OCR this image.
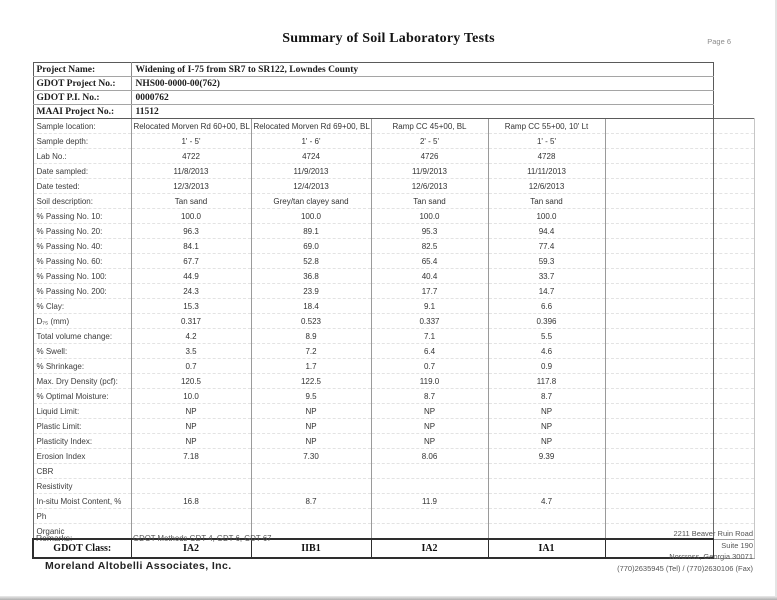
Summary of Soil Laboratory Tests	Page 6
Project Name:	Widening of I-75 from SR7 to SR122, Lowndes County					
GDOT Project No.:	NHS00-0000-00(762)					
GDOT P.I. No.:	0000762					
MAAI Project No.:	11512					
Sample location:	Relocated Morven Rd 60+00, BL	Relocated Morven Rd 69+00, BL	Ramp CC 45+00, BL	Ramp CC 55+00, 10' Lt		
Sample depth:	1' - 5'	1' - 6'	2' - 5'	1' - 5'		
Lab No.:	4722	4724	4726	4728		
Date sampled:	11/8/2013	11/9/2013	11/9/2013	11/11/2013		
Date tested:	12/3/2013	12/4/2013	12/6/2013	12/6/2013		
Soil description:	Tan sand	Grey/tan clayey sand	Tan sand	Tan sand		
% Passing No. 10:	100.0	100.0	100.0	100.0		
% Passing No. 20:	96.3	89.1	95.3	94.4		
% Passing No. 40:	84.1	69.0	82.5	77.4		
% Passing No. 60:	67.7	52.8	65.4	59.3		
% Passing No. 100:	44.9	36.8	40.4	33.7		
% Passing No. 200:	24.3	23.9	17.7	14.7		
% Clay:	15.3	18.4	9.1	6.6		
D₇₅ (mm)	0.317	0.523	0.337	0.396		
Total volume change:	4.2	8.9	7.1	5.5		
% Swell:	3.5	7.2	6.4	4.6		
% Shrinkage:	0.7	1.7	0.7	0.9		
Max. Dry Density (pcf):	120.5	122.5	119.0	117.8		
% Optimal Moisture:	10.0	9.5	8.7	8.7		
Liquid Limit:	NP	NP	NP	NP		
Plastic Limit:	NP	NP	NP	NP		
Plasticity Index:	NP	NP	NP	NP		
Erosion Index	7.18	7.30	8.06	9.39		
CBR						
Resistivity						
In-situ Moist Content, %	16.8	8.7	11.9	4.7		
Ph						
Organic						
GDOT Class:	IA2	IIB1	IA2	IA1		
Remarks:	GDOT Methods GDT-4, GDT-6, GDT-67
Moreland Altobelli Associates, Inc.
2211 Beaver Ruin Road
Suite 190
Norcross, Georgia 30071
(770)2635945 (Tel) / (770)2630106 (Fax)
